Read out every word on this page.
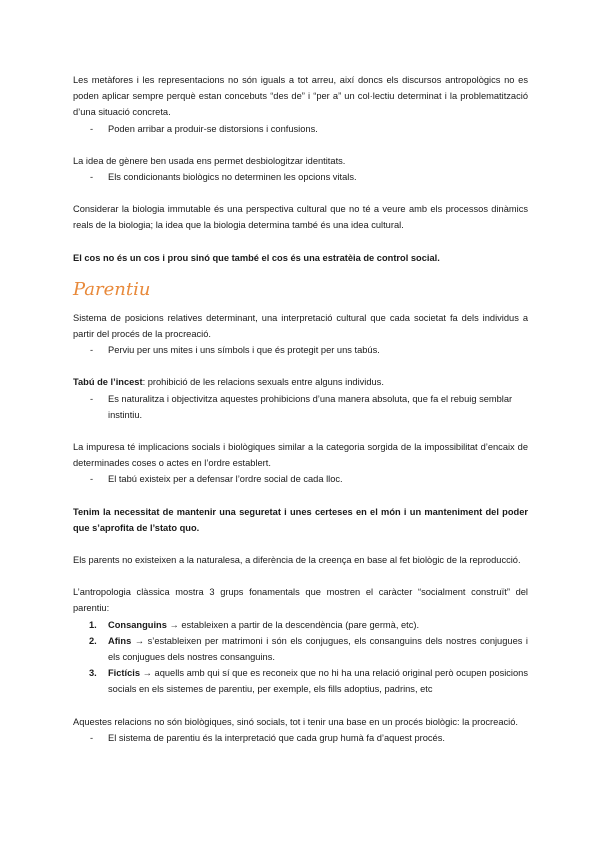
Les metàfores i les representacions no són iguals a tot arreu, així doncs els discursos antropològics no es poden aplicar sempre perquè estan concebuts “des de” i “per a” un col·lectiu determinat i la problematització d’una situació concreta.

- Poden arribar a produir-se distorsions i confusions.

La idea de gènere ben usada ens permet desbiologitzar identitats.

- Els condicionants biològics no determinen les opcions vitals.

Considerar la biologia immutable és una perspectiva cultural que no té a veure amb els processos dinàmics reals de la biologia; la idea que la biologia determina també és una idea cultural.

El cos no és un cos i prou sinó que també el cos és una estratèia de control social.

Parentiu

Sistema de posicions relatives determinant, una interpretació cultural que cada societat fa dels individus a partir del procés de la procreació.

- Perviu per uns mites i uns símbols i que és protegit per uns tabús.

Tabú de l’incest: prohibició de les relacions sexuals entre alguns individus.

- Es naturalitza i objectivitza aquestes prohibicions d’una manera absoluta, que fa el rebuig semblar instintiu.

La impuresa té implicacions socials i biològiques similar a la categoria sorgida de la impossibilitat d’encaix de determinades coses o actes en l’ordre establert.

- El tabú existeix per a defensar l’ordre social de cada lloc.

Tenim la necessitat de mantenir una seguretat i unes certeses en el món i un manteniment del poder que s’aprofita de l’stato quo.

Els parents no existeixen a la naturalesa, a diferència de la creença en base al fet biològic de la reproducció.

L’antropologia clàssica mostra 3 grups fonamentals que mostren el caràcter “socialment construït” del parentiu:

1. Consanguins → estableixen a partir de la descendència (pare germà, etc).

2. Afins → s’estableixen per matrimoni i són els conjugues, els consanguins dels nostres conjugues i els conjugues dels nostres consanguins.

3. Fictícis → aquells amb qui sí que es reconeix que no hi ha una relació original però ocupen posicions socials en els sistemes de parentiu, per exemple, els fills adoptius, padrins, etc

Aquestes relacions no són biològiques, sinó socials, tot i tenir una base en un procés biològic: la procreació.

- El sistema de parentiu és la interpretació que cada grup humà fa d’aquest procés.
